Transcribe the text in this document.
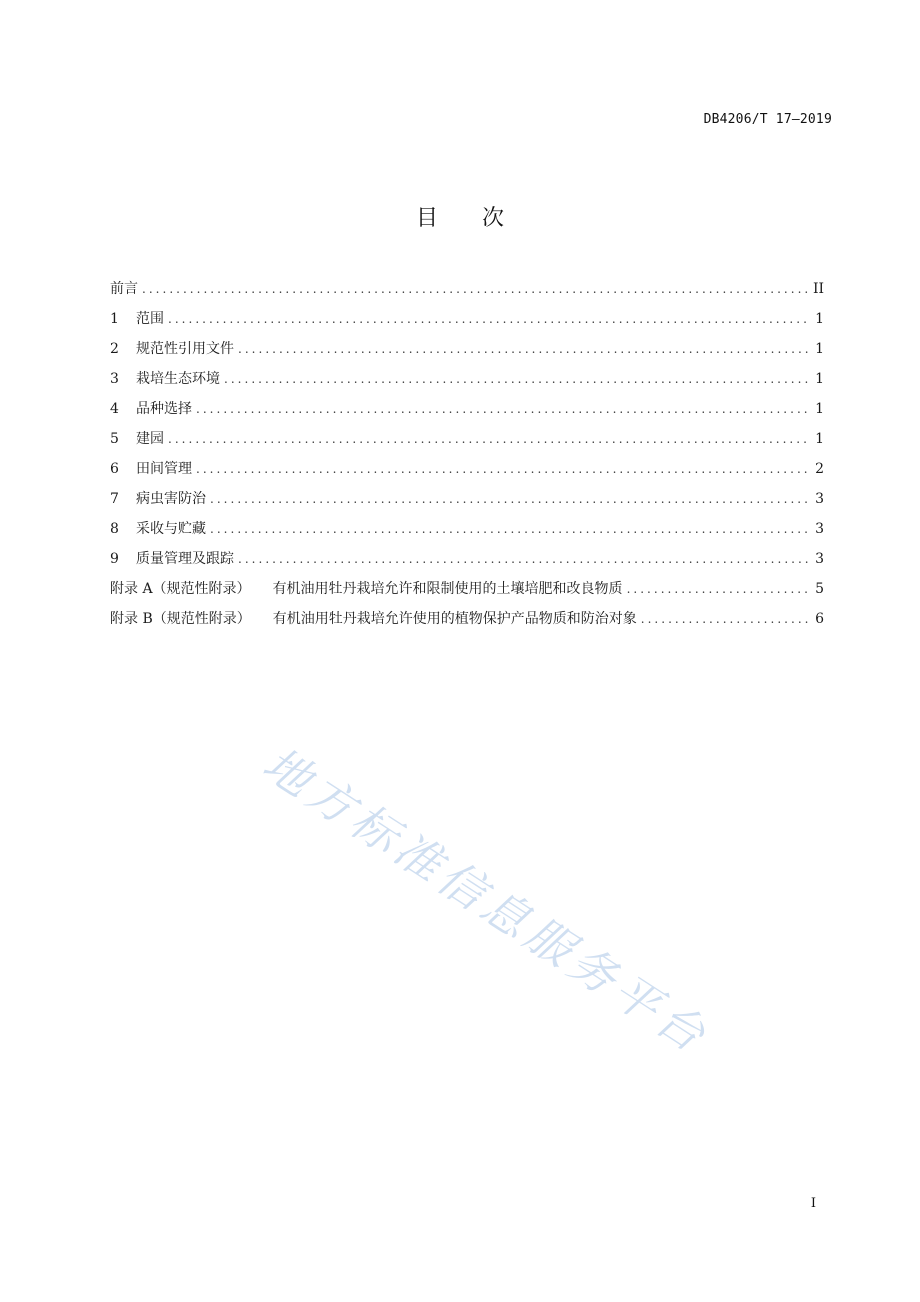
DB4206/T 17—2019
目 次
前言 . . .	II
1	范围 . . .	1
2	规范性引用文件 . . .	1
3	栽培生态环境 . . .	1
4	品种选择 . . .	1
5	建园 . . .	1
6	田间管理 . . .	2
7	病虫害防治 . . .	3
8	采收与贮藏 . . .	3
9	质量管理及跟踪 . . .	3
附录 A（规范性附录）	有机油用牡丹栽培允许和限制使用的土壤培肥和改良物质 . . .	5
附录 B（规范性附录）	有机油用牡丹栽培允许使用的植物保护产品物质和防治对象 . . .	6
地方标准信息服务平台
I
